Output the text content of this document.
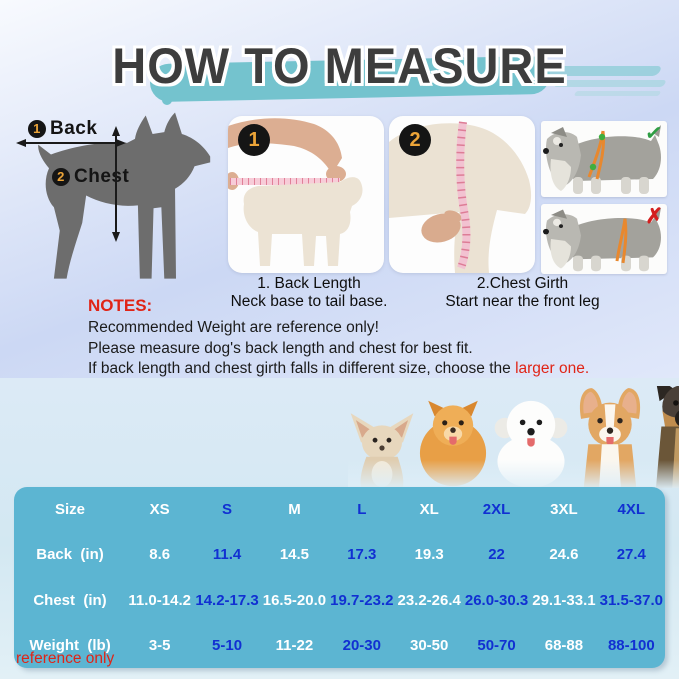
HOW TO MEASURE
1 Back
2 Chest
1
1. Back Length
Neck base to tail base.
2
2.Chest Girth
Start near the front leg
✓
✗
NOTES:
Recommended Weight are reference only!
Please measure dog's back length and chest for best fit.
If back length and chest girth falls in different size, choose the larger one.
Size	XS	S	M	L	XL	2XL	3XL	4XL
Back  (in)	8.6	11.4	14.5	17.3	19.3	22	24.6	27.4
Chest  (in)	11.0-14.2 14.2-17.3 16.5-20.0 19.7-23.2 23.2-26.4 26.0-30.3 29.1-33.1 31.5-37.0
Weight  (lb)	3-5	5-10	11-22	20-30	30-50	50-70	68-88	88-100
reference only
